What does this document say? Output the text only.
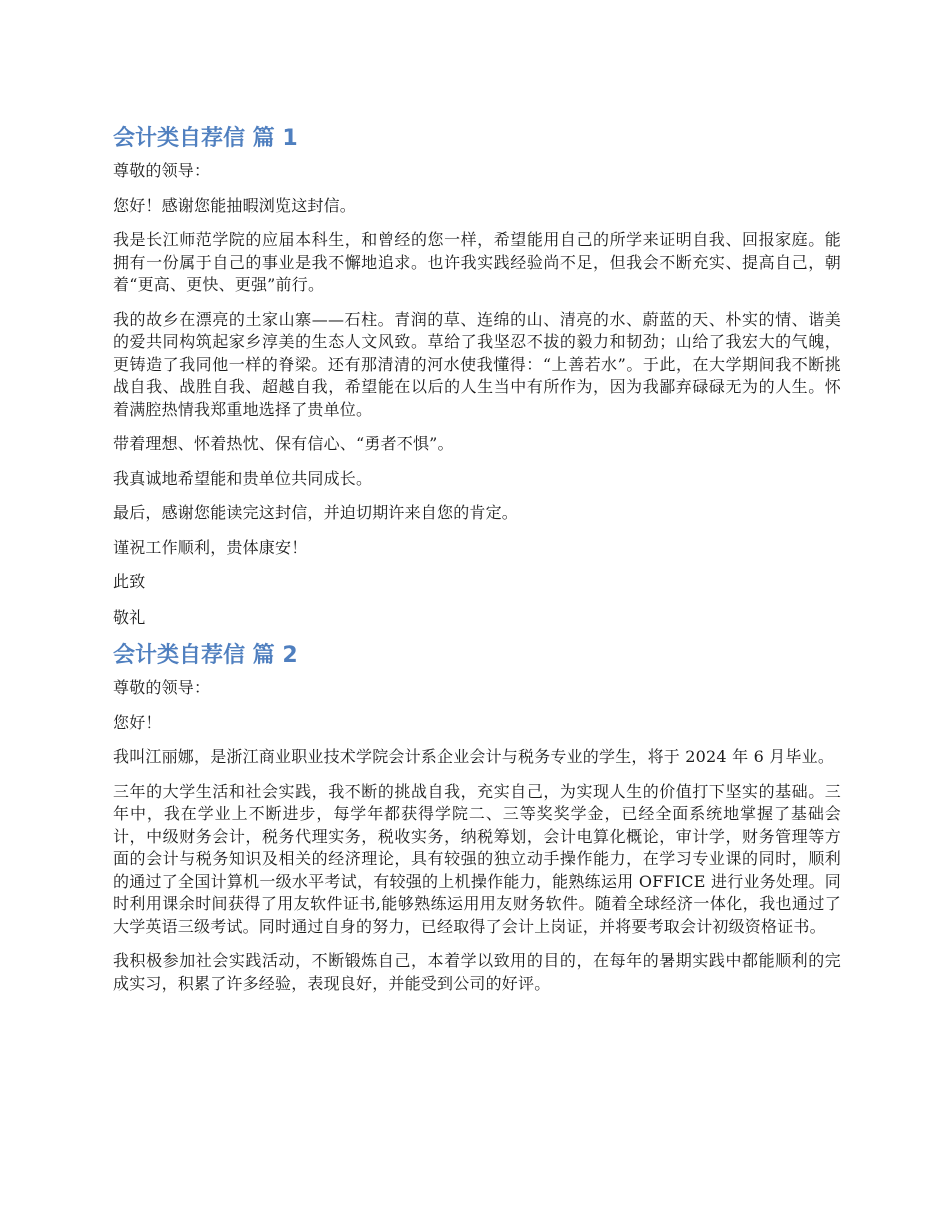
会计类自荐信 篇 1

尊敬的领导：

您好！感谢您能抽暇浏览这封信。

我是长江师范学院的应届本科生，和曾经的您一样，希望能用自己的所学来证明自我、回报家庭。能拥有一份属于自己的事业是我不懈地追求。也许我实践经验尚不足，但我会不断充实、提高自己，朝着“更高、更快、更强”前行。

我的故乡在漂亮的土家山寨——石柱。青润的草、连绵的山、清亮的水、蔚蓝的天、朴实的情、谐美的爱共同构筑起家乡淳美的生态人文风致。草给了我坚忍不拔的毅力和韧劲；山给了我宏大的气魄，更铸造了我同他一样的脊梁。还有那清清的河水使我懂得：“上善若水”。于此，在大学期间我不断挑战自我、战胜自我、超越自我，希望能在以后的人生当中有所作为，因为我鄙弃碌碌无为的人生。怀着满腔热情我郑重地选择了贵单位。

带着理想、怀着热忱、保有信心、“勇者不惧”。

我真诚地希望能和贵单位共同成长。

最后，感谢您能读完这封信，并迫切期许来自您的肯定。

谨祝工作顺利，贵体康安！

此致

敬礼

会计类自荐信 篇 2

尊敬的领导：

您好！

我叫江丽娜，是浙江商业职业技术学院会计系企业会计与税务专业的学生，将于 2024 年 6 月毕业。

三年的大学生活和社会实践，我不断的挑战自我，充实自己，为实现人生的价值打下坚实的基础。三年中，我在学业上不断进步，每学年都获得学院二、三等奖奖学金，已经全面系统地掌握了基础会计，中级财务会计，税务代理实务，税收实务，纳税筹划，会计电算化概论，审计学，财务管理等方面的会计与税务知识及相关的经济理论，具有较强的独立动手操作能力，在学习专业课的同时，顺利的通过了全国计算机一级水平考试，有较强的上机操作能力，能熟练运用 OFFICE 进行业务处理。同时利用课余时间获得了用友软件证书,能够熟练运用用友财务软件。随着全球经济一体化，我也通过了大学英语三级考试。同时通过自身的努力，已经取得了会计上岗证，并将要考取会计初级资格证书。

我积极参加社会实践活动，不断锻炼自己，本着学以致用的目的，在每年的暑期实践中都能顺利的完成实习，积累了许多经验，表现良好，并能受到公司的好评。
